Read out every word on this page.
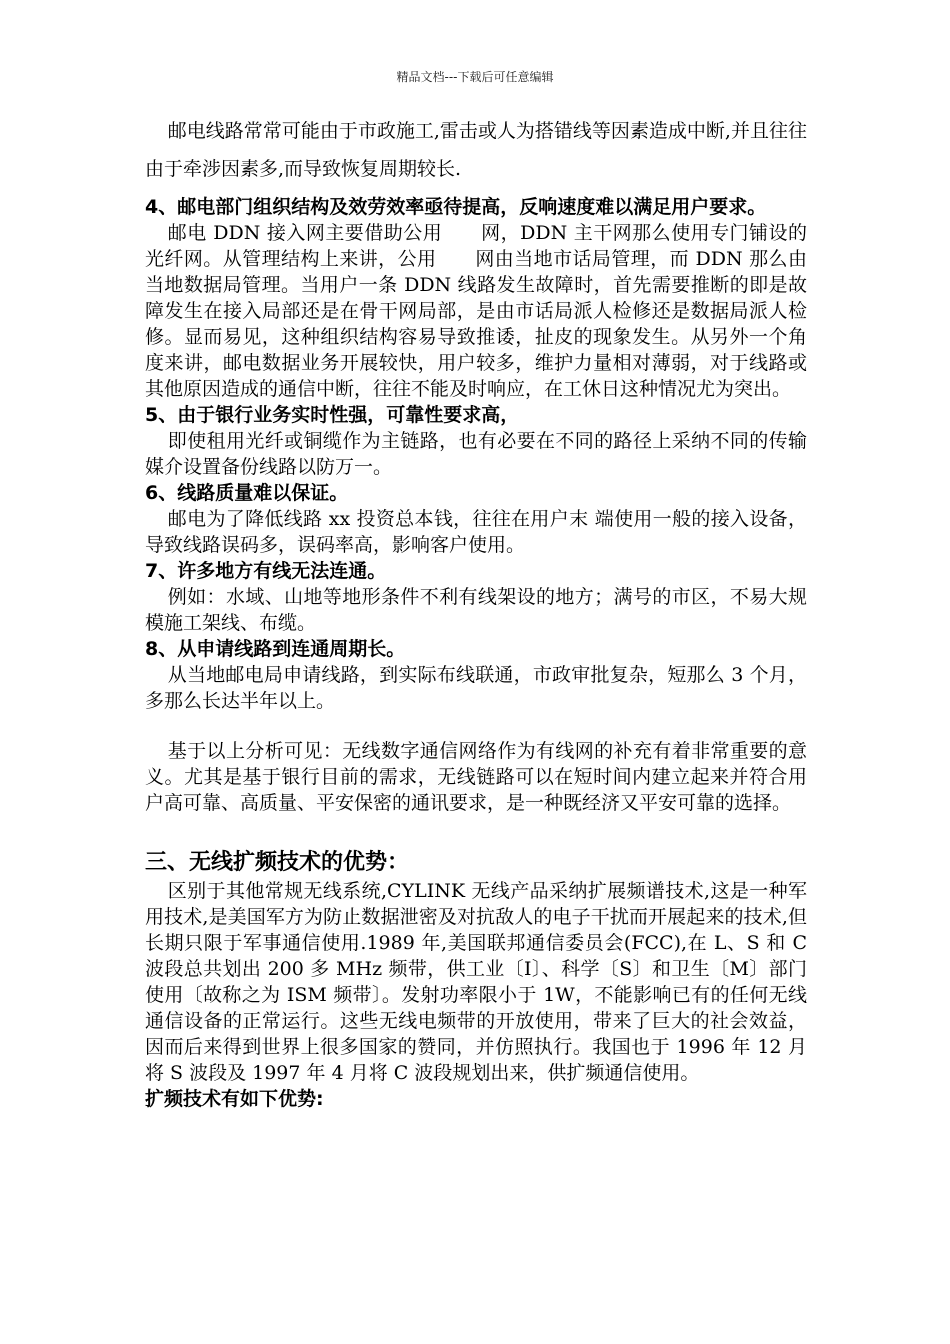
精品文档---下载后可任意编辑

邮电线路常常可能由于市政施工,雷击或人为搭错线等因素造成中断,并且往往由于牵涉因素多,而导致恢复周期较长.

4、邮电部门组织结构及效劳效率亟待提高，反响速度难以满足用户要求。

邮电 DDN 接入网主要借助公用　　网，DDN 主干网那么使用专门铺设的光纤网。从管理结构上来讲，公用　　网由当地市话局管理，而 DDN 那么由当地数据局管理。当用户一条 DDN 线路发生故障时，首先需要推断的即是故障发生在接入局部还是在骨干网局部，是由市话局派人检修还是数据局派人检修。显而易见，这种组织结构容易导致推诿，扯皮的现象发生。从另外一个角度来讲，邮电数据业务开展较快，用户较多，维护力量相对薄弱，对于线路或其他原因造成的通信中断，往往不能及时响应，在工休日这种情况尤为突出。

5、由于银行业务实时性强，可靠性要求高，

即使租用光纤或铜缆作为主链路，也有必要在不同的路径上采纳不同的传输媒介设置备份线路以防万一。

6、线路质量难以保证。

邮电为了降低线路 xx 投资总本钱，往往在用户末 端使用一般的接入设备，导致线路误码多，误码率高，影响客户使用。

7、许多地方有线无法连通。

例如：水域、山地等地形条件不利有线架设的地方；满号的市区，不易大规模施工架线、布缆。

8、从申请线路到连通周期长。

从当地邮电局申请线路，到实际布线联通，市政审批复杂，短那么 3 个月，多那么长达半年以上。

基于以上分析可见：无线数字通信网络作为有线网的补充有着非常重要的意义。尤其是基于银行目前的需求，无线链路可以在短时间内建立起来并符合用户高可靠、高质量、平安保密的通讯要求，是一种既经济又平安可靠的选择。

三、无线扩频技术的优势：

区别于其他常规无线系统,CYLINK 无线产品采纳扩展频谱技术,这是一种军用技术,是美国军方为防止数据泄密及对抗敌人的电子干扰而开展起来的技术,但长期只限于军事通信使用.1989 年,美国联邦通信委员会(FCC),在 L、S 和 C 波段总共划出 200 多 MHz 频带，供工业〔I〕、科学〔S〕和卫生〔M〕部门使用〔故称之为 ISM 频带〕。发射功率限小于 1W，不能影响已有的任何无线通信设备的正常运行。这些无线电频带的开放使用，带来了巨大的社会效益，因而后来得到世界上很多国家的赞同，并仿照执行。我国也于 1996 年 12 月将 S 波段及 1997 年 4 月将 C 波段规划出来，供扩频通信使用。

扩频技术有如下优势:
